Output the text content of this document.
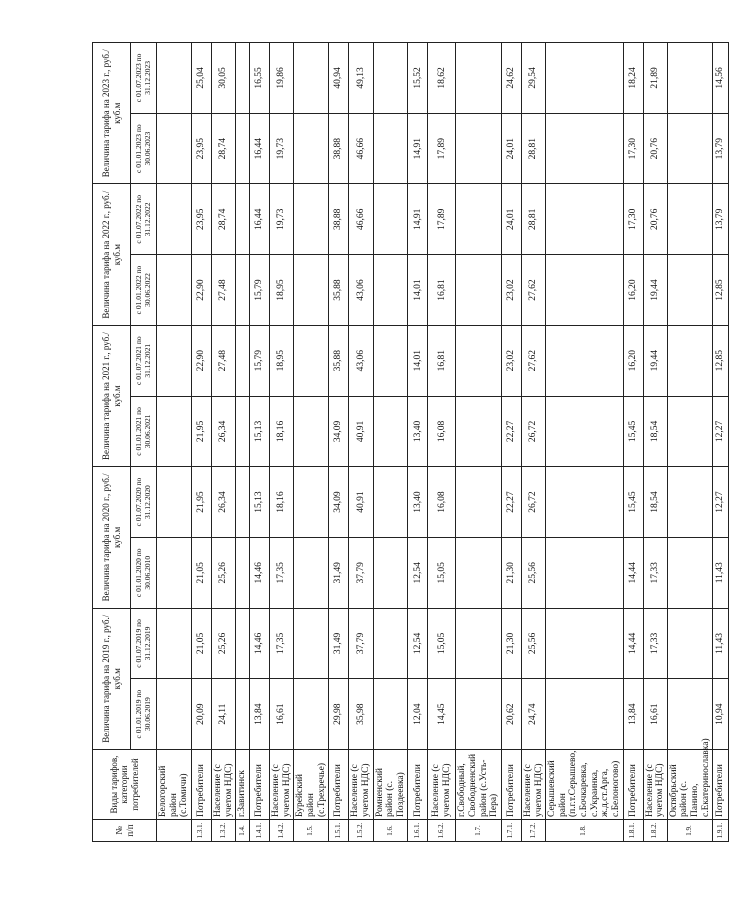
№ п/п	Виды тарифов, категории потребителей	Величина тарифа на 2019 г., руб./куб.м		Величина тарифа на 2020 г., руб./куб.м		Величина тарифа на 2021 г., руб./куб.м		Величина тарифа на 2022 г., руб./куб.м		Величина тарифа на 2023 г., руб./куб.м	
		с 01.01.2019 по 30.06.2019	с 01.07.2019 по 31.12.2019	с 01.01.2020 по 30.06.2010	с 01.07.2020 по 31.12.2020	с 01.01.2021 по 30.06.2021	с 01.07.2021 по 31.12.2021	с 01.01.2022 по 30.06.2022	с 01.07.2022 по 31.12.2022	с 01.01.2023 по 30.06.2023	с 01.07.2023 по 31.12.2023
	Белогорский район (с.Томичи)										
1.3.1.	Потребители	20,09	21,05	21,05	21,95	21,95	22,90	22,90	23,95	23,95	25,04
1.3.2.	Население (с учетом НДС)	24,11	25,26	25,26	26,34	26,34	27,48	27,48	28,74	28,74	30,05
1.4.	г.Завитинск										
1.4.1.	Потребители	13,84	14,46	14,46	15,13	15,13	15,79	15,79	16,44	16,44	16,55
1.4.2.	Население (с учетом НДС)	16,61	17,35	17,35	18,16	18,16	18,95	18,95	19,73	19,73	19,86
1.5.	Бурейский район (с.Трехречье)										
1.5.1.	Потребители	29,98	31,49	31,49	34,09	34,09	35,88	35,88	38,88	38,88	40,94
1.5.2.	Население (с учетом НДС)	35,98	37,79	37,79	40,91	40,91	43,06	43,06	46,66	46,66	49,13
1.6.	Ромненский район (с. Поздеевка)										
1.6.1.	Потребители	12,04	12,54	12,54	13,40	13,40	14,01	14,01	14,91	14,91	15,52
1.6.2.	Население (с учетом НДС)	14,45	15,05	15,05	16,08	16,08	16,81	16,81	17,89	17,89	18,62
1.7.	г.Свободный, Свободненский район (с.Усть-Пера)										
1.7.1.	Потребители	20,62	21,30	21,30	22,27	22,27	23,02	23,02	24,01	24,01	24,62
1.7.2.	Население (с учетом НДС)	24,74	25,56	25,56	26,72	26,72	27,62	27,62	28,81	28,81	29,54
1.8.	Серышевский район (п.г.т.Серышево, с.Бочкаревка, с.Украинка, ж.д.ст.Арга, с.Белоногово)										
1.8.1.	Потребители	13,84	14,44	14,44	15,45	15,45	16,20	16,20	17,30	17,30	18,24
1.8.2.	Население (с учетом НДС)	16,61	17,33	17,33	18,54	18,54	19,44	19,44	20,76	20,76	21,89
1.9.	Октябрьский район (с. Панино, с.Екатеринославка)										
1.9.1.	Потребители	10,94	11,43	11,43	12,27	12,27	12,85	12,85	13,79	13,79	14,56
